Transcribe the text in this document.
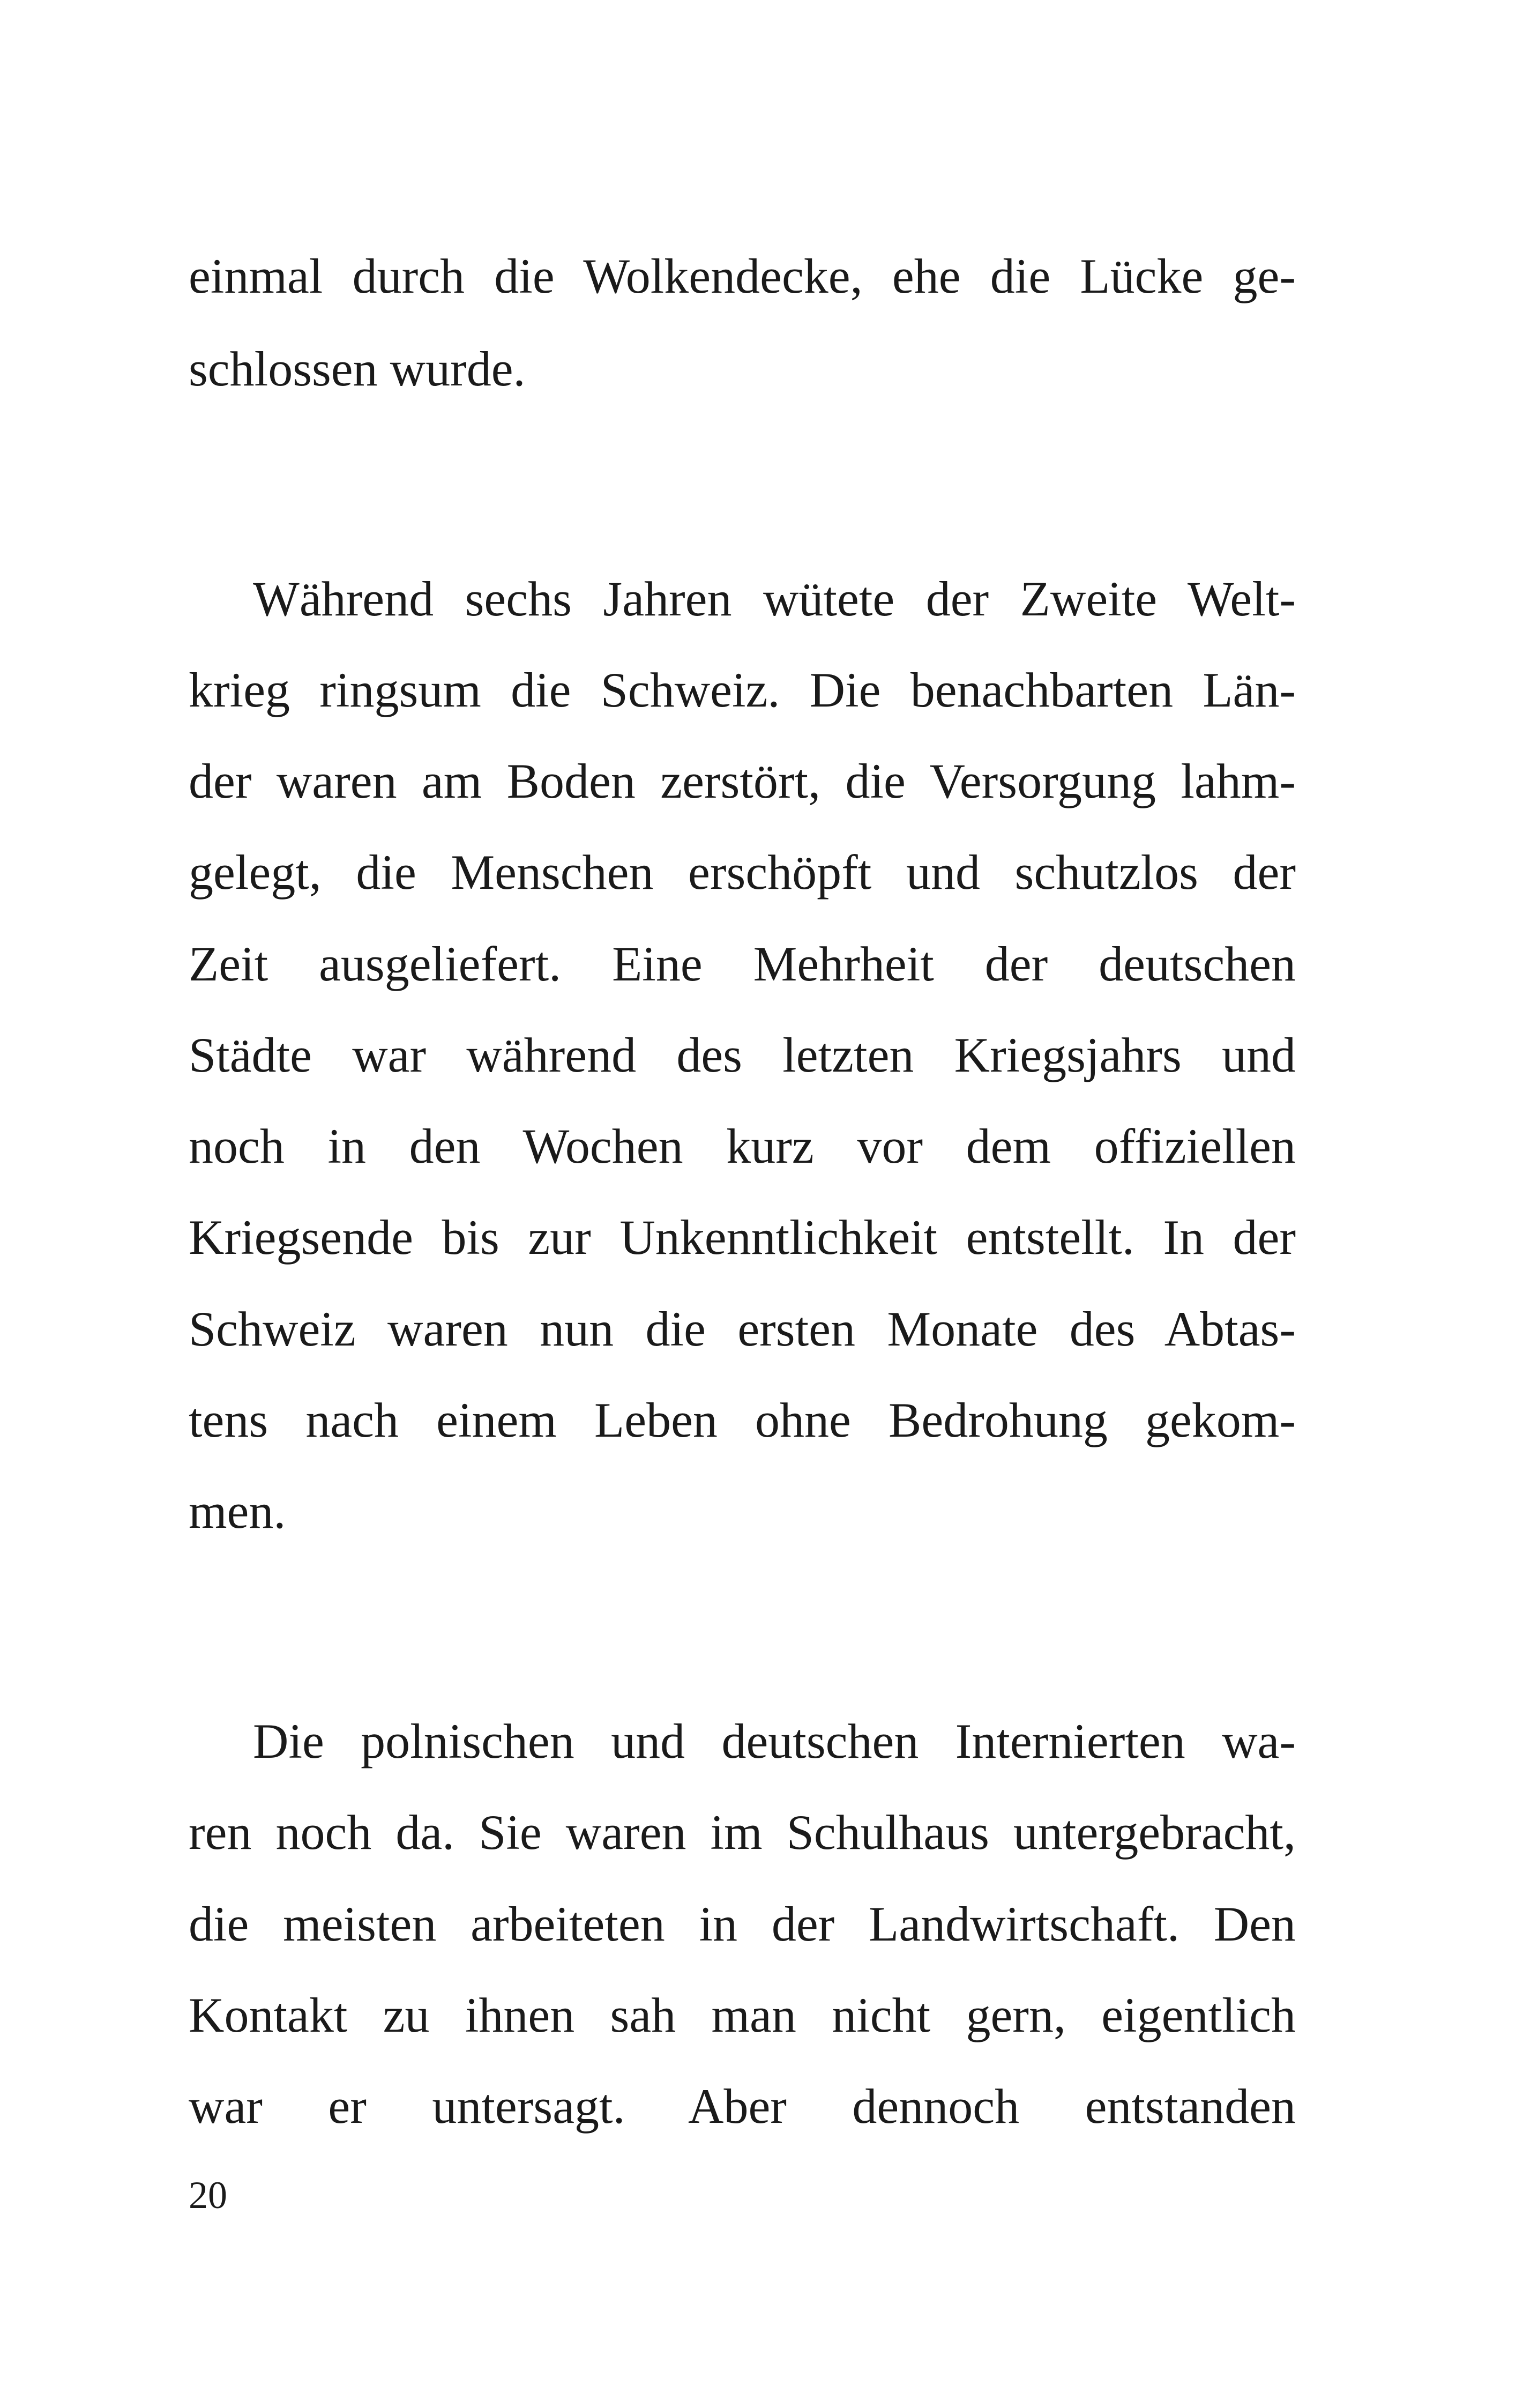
einmal durch die Wolkendecke, ehe die Lücke ge-
schlossen wurde.
Während sechs Jahren wütete der Zweite Welt-
krieg ringsum die Schweiz. Die benachbarten Län-
der waren am Boden zerstört, die Versorgung lahm-
gelegt, die Menschen erschöpft und schutzlos der
Zeit ausgeliefert. Eine Mehrheit der deutschen
Städte war während des letzten Kriegsjahrs und
noch in den Wochen kurz vor dem offiziellen
Kriegsende bis zur Unkenntlichkeit entstellt. In der
Schweiz waren nun die ersten Monate des Abtas-
tens nach einem Leben ohne Bedrohung gekom-
men.
Die polnischen und deutschen Internierten wa-
ren noch da. Sie waren im Schulhaus untergebracht,
die meisten arbeiteten in der Landwirtschaft. Den
Kontakt zu ihnen sah man nicht gern, eigentlich
war er untersagt. Aber dennoch entstanden
20
